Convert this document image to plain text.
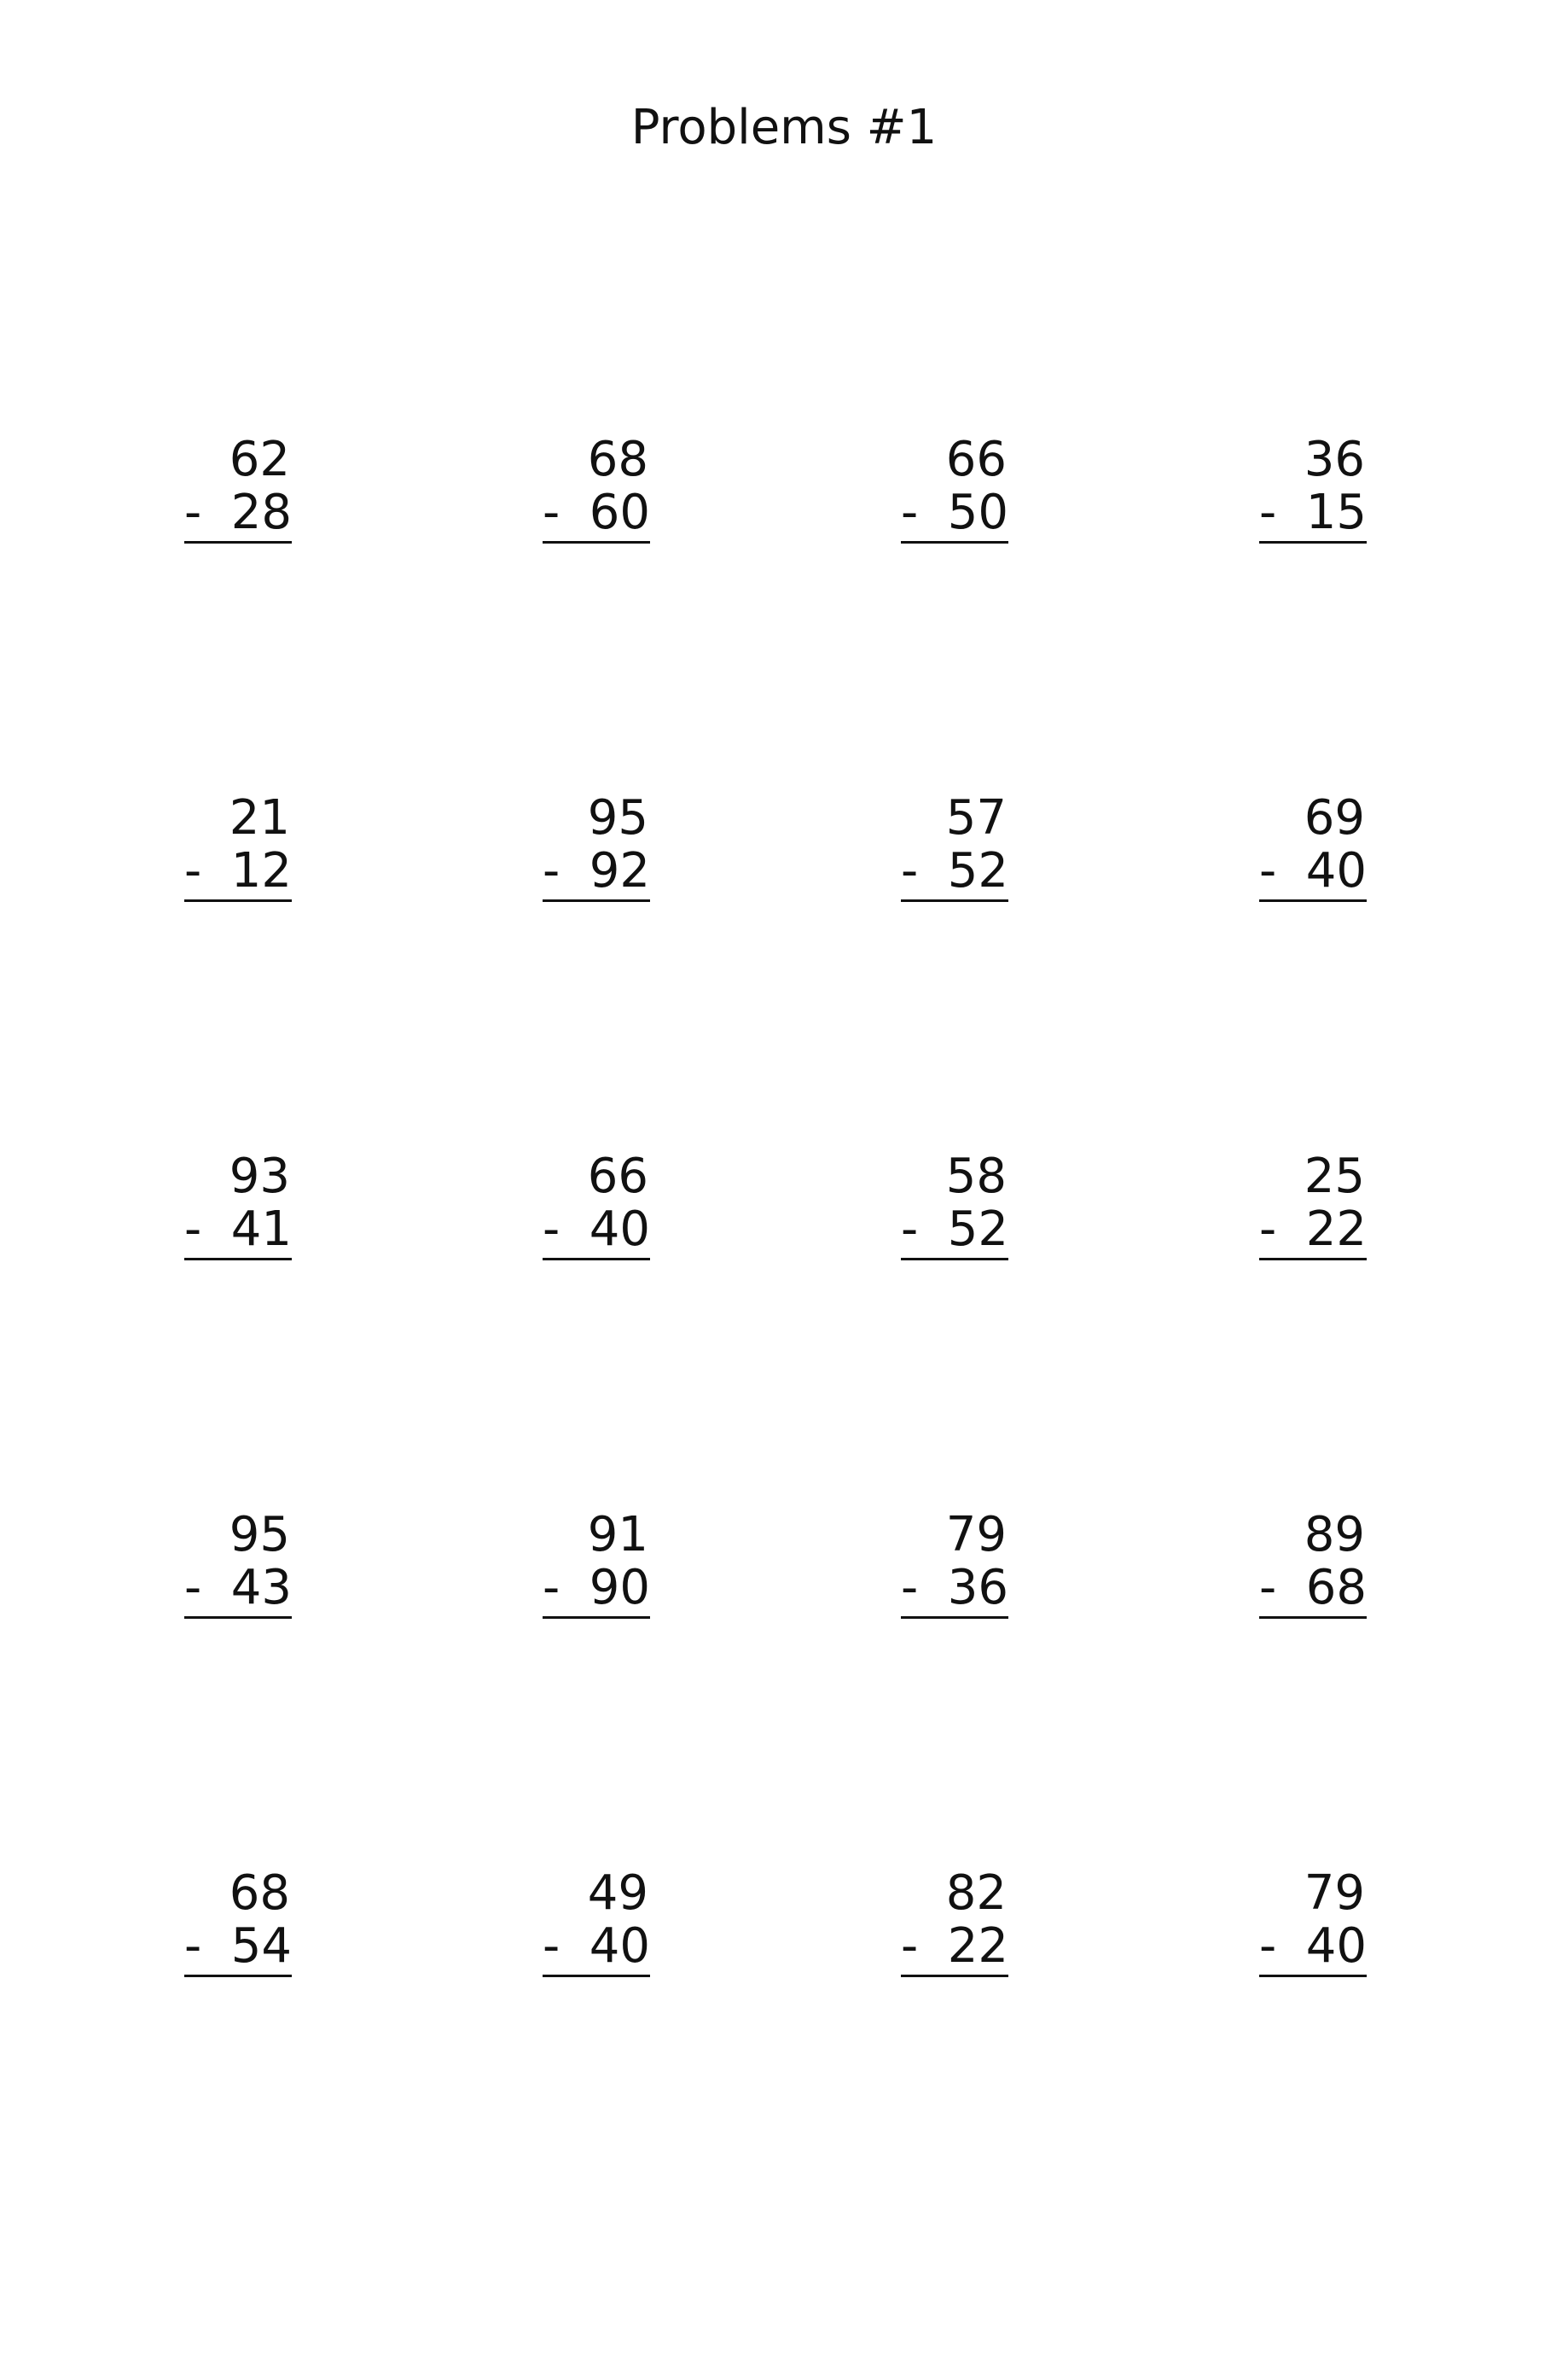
Problems #1
62
- 28
68
- 60
66
- 50
36
- 15
21
- 12
95
- 92
57
- 52
69
- 40
93
- 41
66
- 40
58
- 52
25
- 22
95
- 43
91
- 90
79
- 36
89
- 68
68
- 54
49
- 40
82
- 22
79
- 40
